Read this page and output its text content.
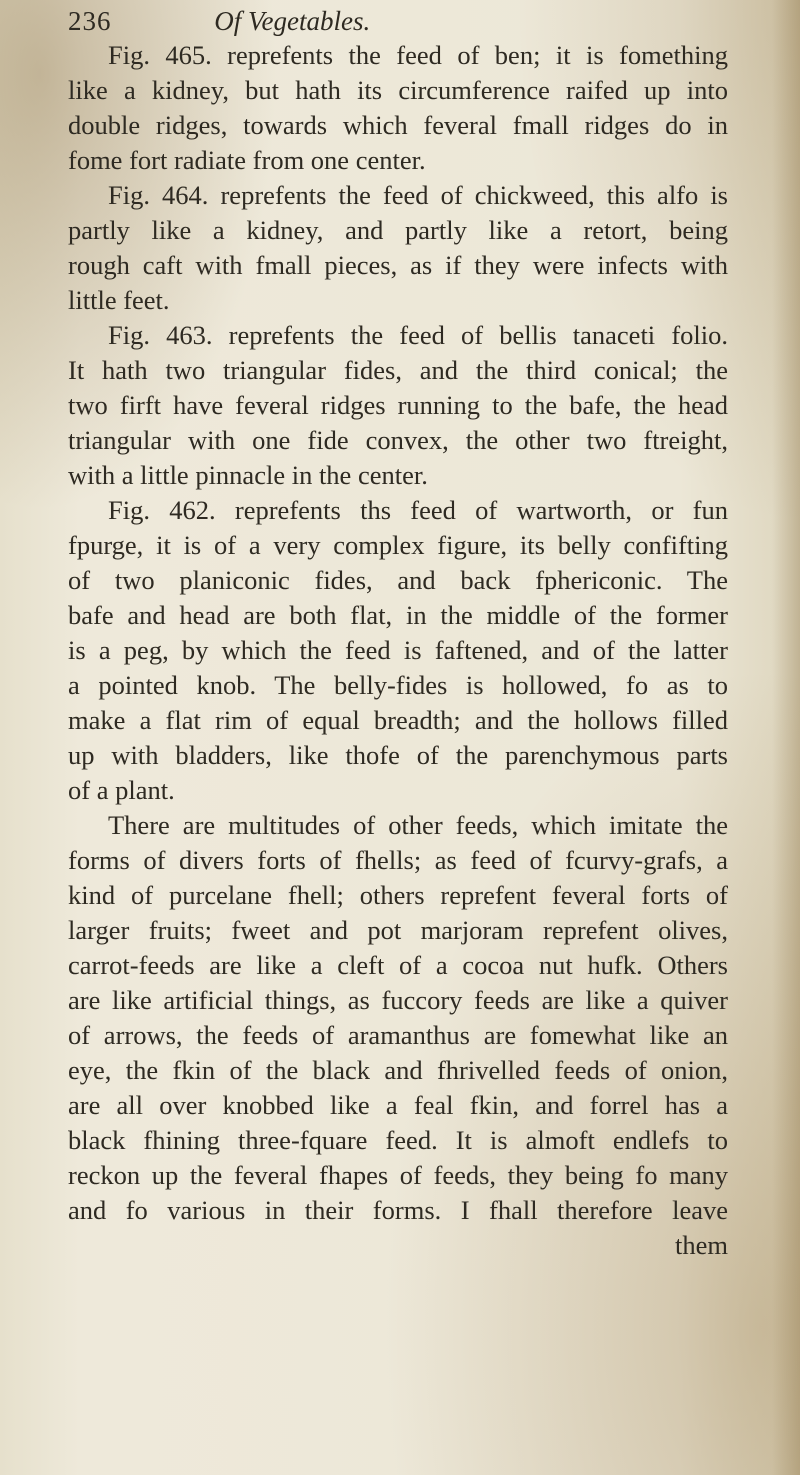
236	Of Vegetables.
Fig. 465. reprefents the feed of ben; it is fomething
like a kidney, but hath its circumference raifed up into
double ridges, towards which feveral fmall ridges do in
fome fort radiate from one center.
Fig. 464. reprefents the feed of chickweed, this alfo is
partly like a kidney, and partly like a retort, being
rough caft with fmall pieces, as if they were infects with
little feet.
Fig. 463. reprefents the feed of bellis tanaceti folio.
It hath two triangular fides, and the third conical; the
two firft have feveral ridges running to the bafe, the head
triangular with one fide convex, the other two ftreight,
with a little pinnacle in the center.
Fig. 462. reprefents ths feed of wartworth, or fun
fpurge, it is of a very complex figure, its belly confifting
of two planiconic fides, and back fphericonic. The
bafe and head are both flat, in the middle of the former
is a peg, by which the feed is faftened, and of the latter
a pointed knob. The belly-fides is hollowed, fo as to
make a flat rim of equal breadth; and the hollows filled
up with bladders, like thofe of the parenchymous parts
of a plant.
There are multitudes of other feeds, which imitate the
forms of divers forts of fhells; as feed of fcurvy-grafs, a
kind of purcelane fhell; others reprefent feveral forts of
larger fruits; fweet and pot marjoram reprefent olives,
carrot-feeds are like a cleft of a cocoa nut hufk. Others
are like artificial things, as fuccory feeds are like a quiver
of arrows, the feeds of aramanthus are fomewhat like an
eye, the fkin of the black and fhrivelled feeds of onion,
are all over knobbed like a feal fkin, and forrel has a
black fhining three-fquare feed. It is almoft endlefs to
reckon up the feveral fhapes of feeds, they being fo many
and fo various in their forms. I fhall therefore leave
them
